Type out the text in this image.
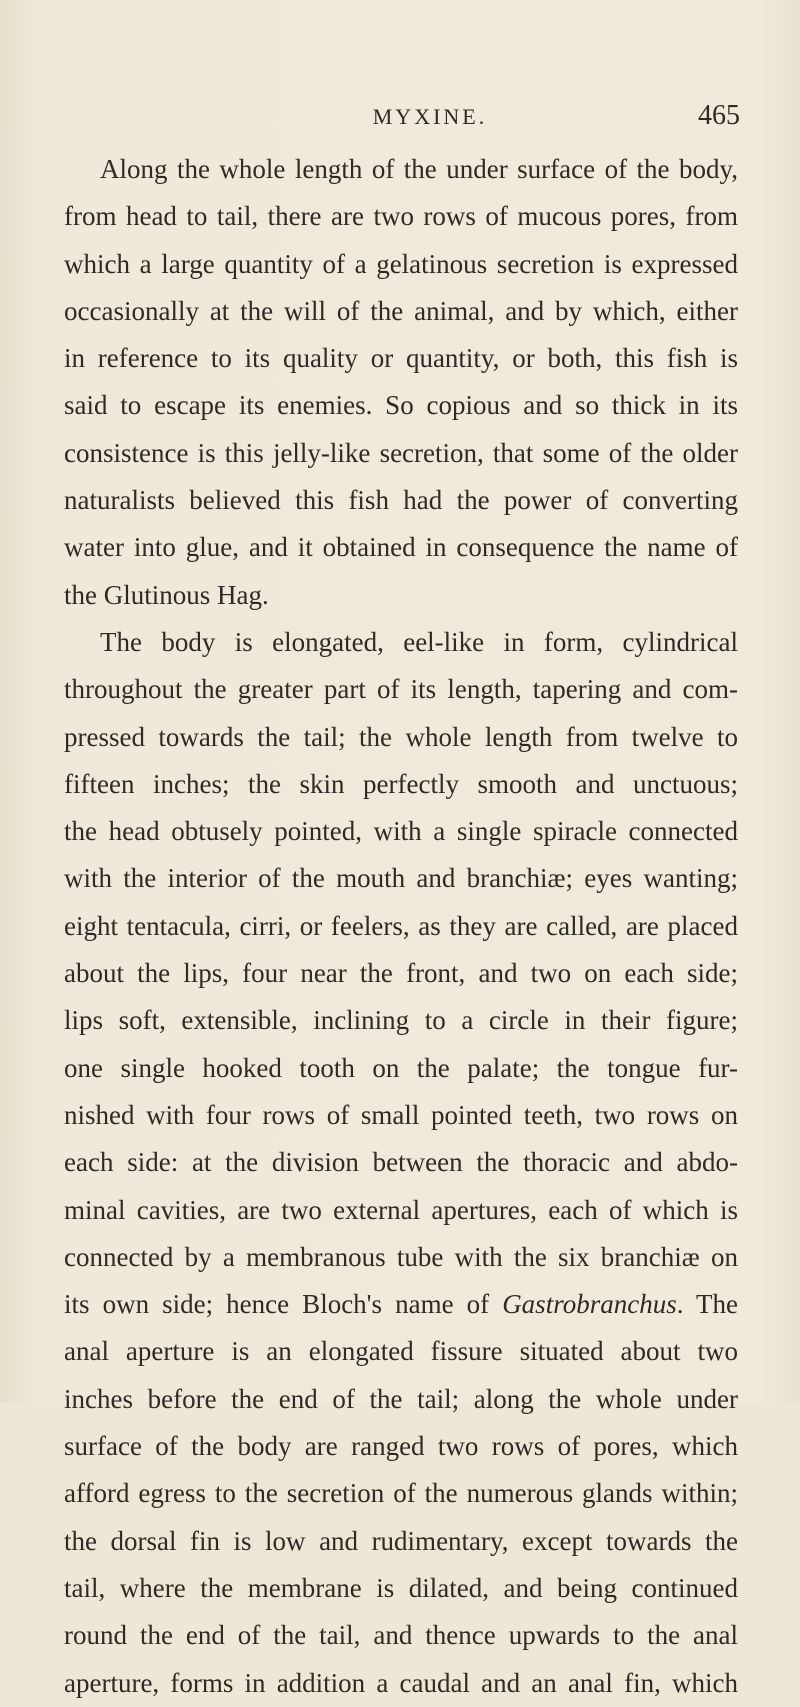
MYXINE.	465
Along the whole length of the under surface of the body,
from head to tail, there are two rows of mucous pores, from
which a large quantity of a gelatinous secretion is expressed
occasionally at the will of the animal, and by which, either
in reference to its quality or quantity, or both, this fish is
said to escape its enemies. So copious and so thick in its
consistence is this jelly-like secretion, that some of the older
naturalists believed this fish had the power of converting
water into glue, and it obtained in consequence the name of
the Glutinous Hag.
The body is elongated, eel-like in form, cylindrical
throughout the greater part of its length, tapering and com-
pressed towards the tail; the whole length from twelve to
fifteen inches; the skin perfectly smooth and unctuous;
the head obtusely pointed, with a single spiracle connected
with the interior of the mouth and branchiæ; eyes wanting;
eight tentacula, cirri, or feelers, as they are called, are placed
about the lips, four near the front, and two on each side;
lips soft, extensible, inclining to a circle in their figure;
one single hooked tooth on the palate; the tongue fur-
nished with four rows of small pointed teeth, two rows on
each side: at the division between the thoracic and abdo-
minal cavities, are two external apertures, each of which is
connected by a membranous tube with the six branchiæ on
its own side; hence Bloch's name of Gastrobranchus. The
anal aperture is an elongated fissure situated about two
inches before the end of the tail; along the whole under
surface of the body are ranged two rows of pores, which
afford egress to the secretion of the numerous glands within;
the dorsal fin is low and rudimentary, except towards the
tail, where the membrane is dilated, and being continued
round the end of the tail, and thence upwards to the anal
aperture, forms in addition a caudal and an anal fin, which
